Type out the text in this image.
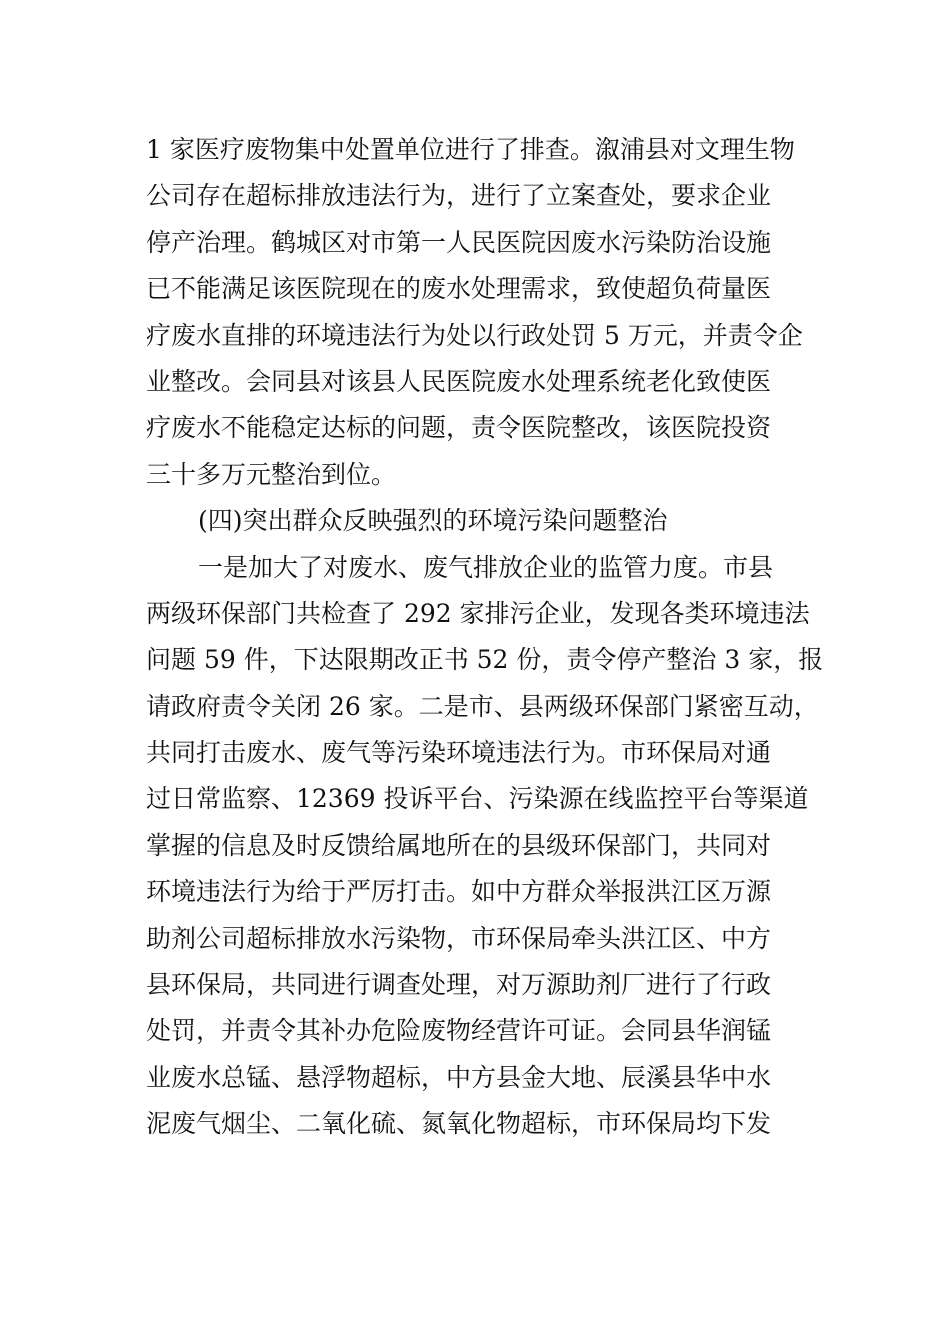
1 家医疗废物集中处置单位进行了排查。溆浦县对文理生物
公司存在超标排放违法行为，进行了立案查处，要求企业
停产治理。鹤城区对市第一人民医院因废水污染防治设施
已不能满足该医院现在的废水处理需求，致使超负荷量医
疗废水直排的环境违法行为处以行政处罚 5 万元，并责令企
业整改。会同县对该县人民医院废水处理系统老化致使医
疗废水不能稳定达标的问题，责令医院整改，该医院投资
三十多万元整治到位。
(四)突出群众反映强烈的环境污染问题整治
一是加大了对废水、废气排放企业的监管力度。市县
两级环保部门共检查了 292 家排污企业，发现各类环境违法
问题 59 件，下达限期改正书 52 份，责令停产整治 3 家，报
请政府责令关闭 26 家。二是市、县两级环保部门紧密互动，
共同打击废水、废气等污染环境违法行为。市环保局对通
过日常监察、12369 投诉平台、污染源在线监控平台等渠道
掌握的信息及时反馈给属地所在的县级环保部门，共同对
环境违法行为给于严厉打击。如中方群众举报洪江区万源
助剂公司超标排放水污染物，市环保局牵头洪江区、中方
县环保局，共同进行调查处理，对万源助剂厂进行了行政
处罚，并责令其补办危险废物经营许可证。会同县华润锰
业废水总锰、悬浮物超标，中方县金大地、辰溪县华中水
泥废气烟尘、二氧化硫、氮氧化物超标，市环保局均下发
